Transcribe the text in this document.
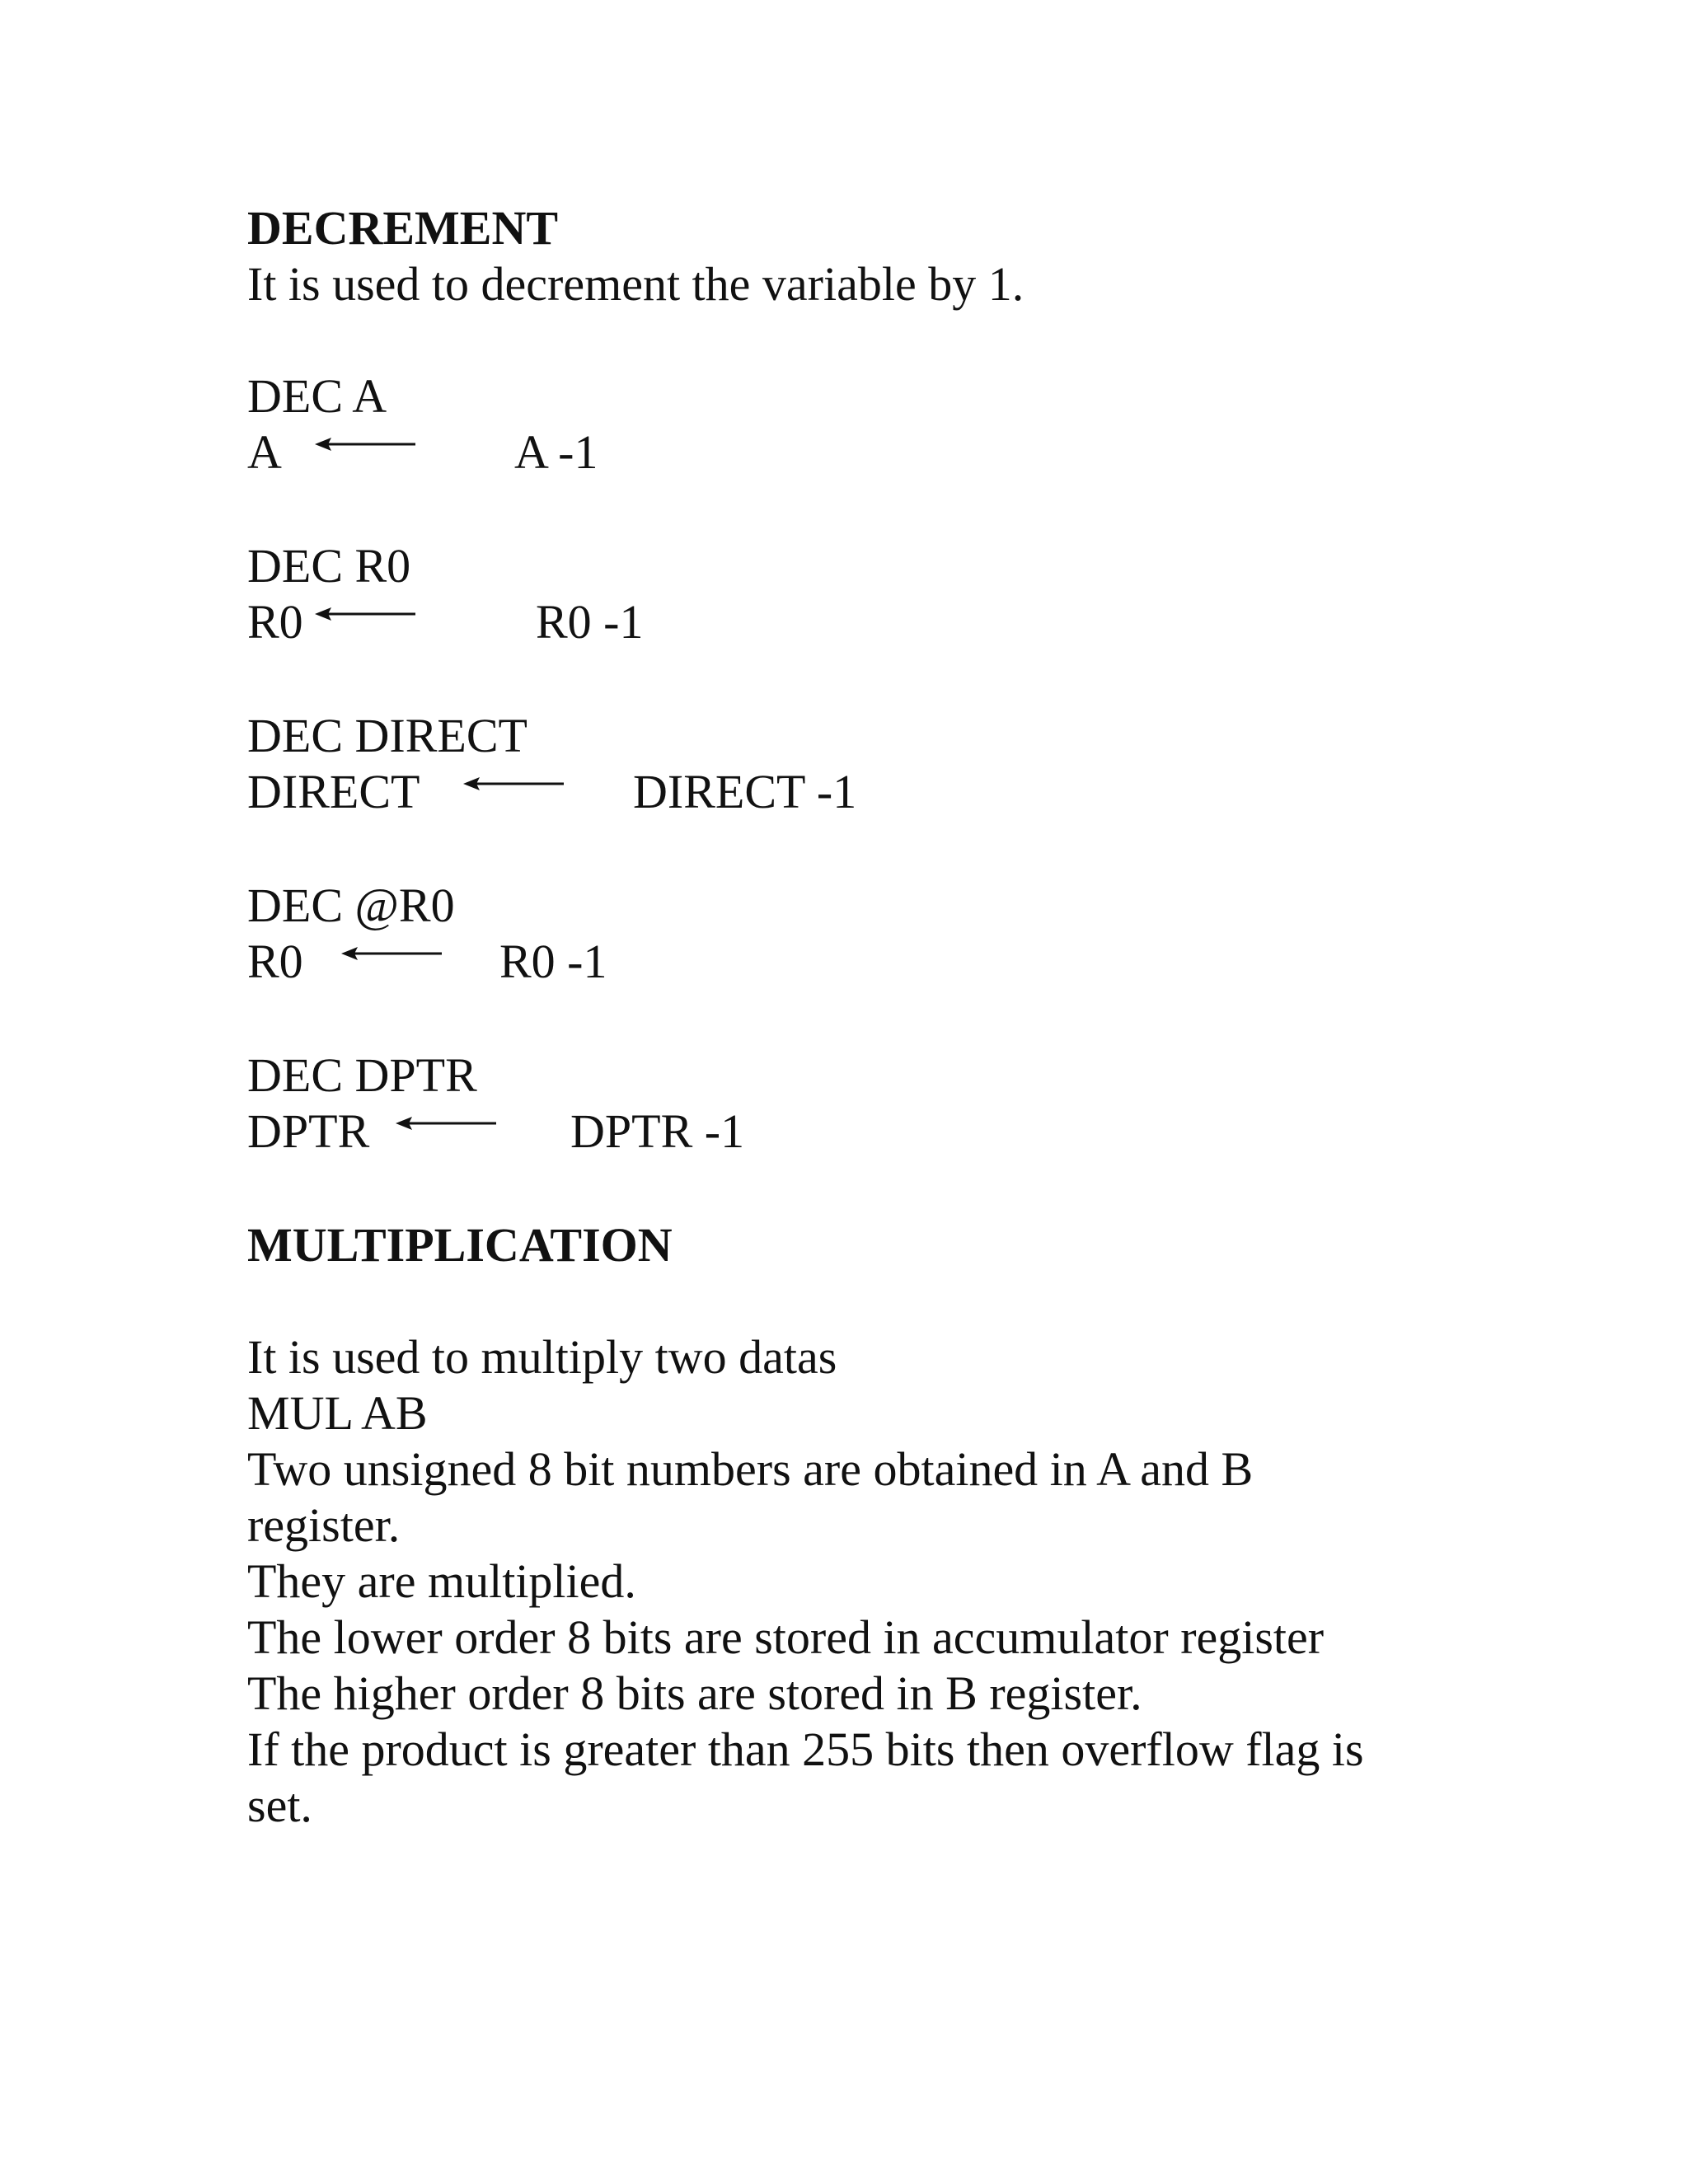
DECREMENT
It is used to decrement the variable by 1.
DEC A
A	A -1
DEC R0
R0	R0 -1
DEC DIRECT
DIRECT	DIRECT -1
DEC @R0
R0	R0 -1
DEC DPTR
DPTR	DPTR -1
MULTIPLICATION
It is used to multiply two datas
MUL AB
Two unsigned 8 bit numbers are obtained in A and B
register.
They are multiplied.
The lower order 8 bits are stored in accumulator register
The higher order 8 bits are stored in B register.
If the product is greater than 255 bits then overflow flag is
set.
